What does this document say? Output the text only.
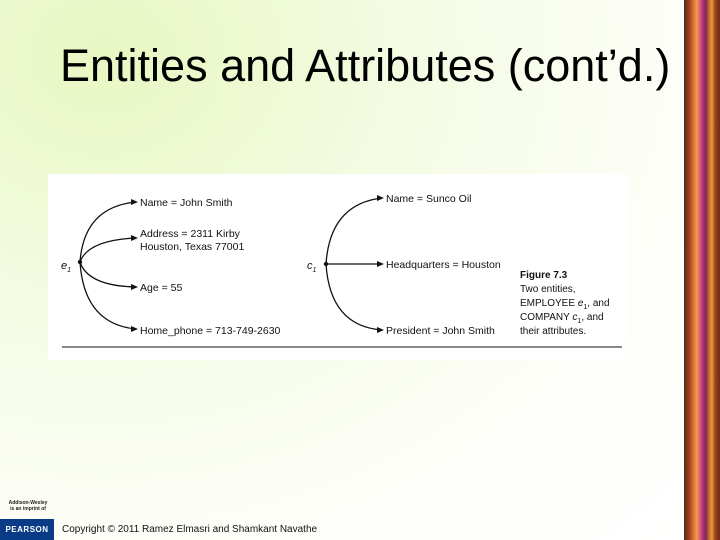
Entities and Attributes (cont’d.)
$e_1$	$c_1$
Name = John Smith
Address = 2311 Kirby
Houston, Texas 77001
Age = 55
Home_phone = 713-749-2630
Name = Sunco Oil
Headquarters = Houston
President = John Smith
Figure 7.3
Two entities,
EMPLOYEE $e_1$, and
COMPANY $c_1$, and
their attributes.
Addison-Wesley
is an imprint of
PEARSON	Copyright © 2011 Ramez Elmasri and Shamkant Navathe
